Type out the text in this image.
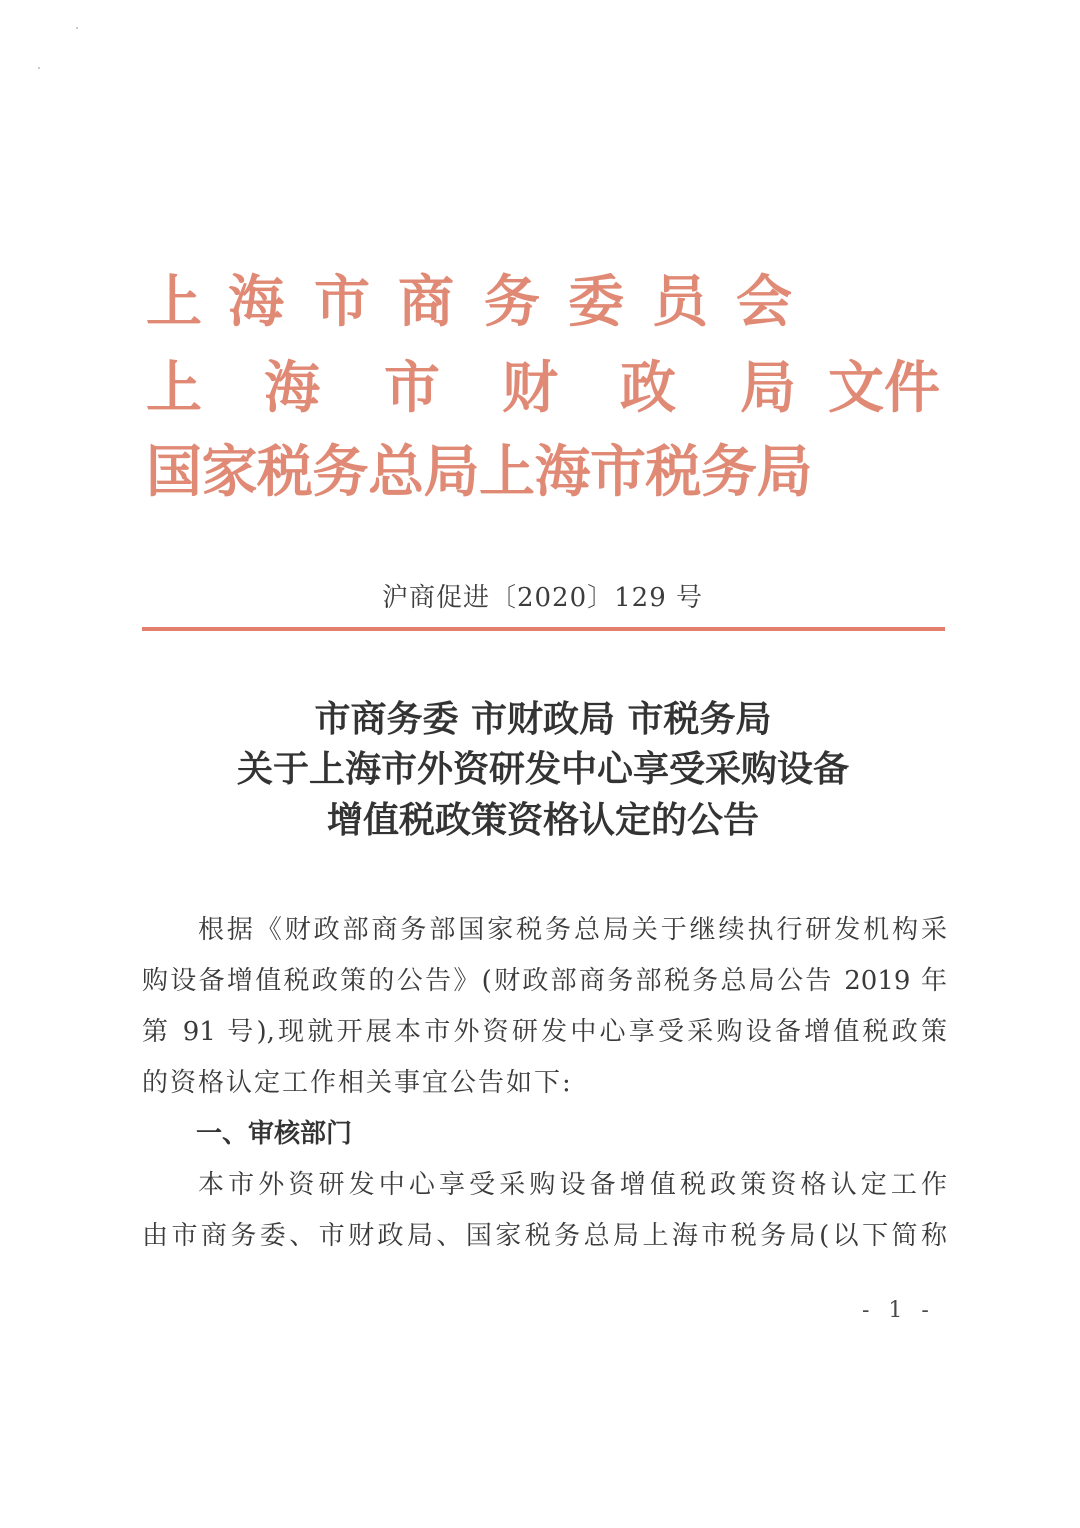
上 海 市 商 务 委 员 会
上 海 市 财 政 局 文件
国家税务总局上海市税务局
沪商促进〔2020〕129 号
市商务委 市财政局 市税务局
关于上海市外资研发中心享受采购设备
增值税政策资格认定的公告
根据《财政部商务部国家税务总局关于继续执行研发机构采
购设备增值税政策的公告》(财政部商务部税务总局公告 2019 年
第 91 号),现就开展本市外资研发中心享受采购设备增值税政策
的资格认定工作相关事宜公告如下:
一、审核部门
本市外资研发中心享受采购设备增值税政策资格认定工作
由市商务委、市财政局、国家税务总局上海市税务局(以下简称
- 1 -
